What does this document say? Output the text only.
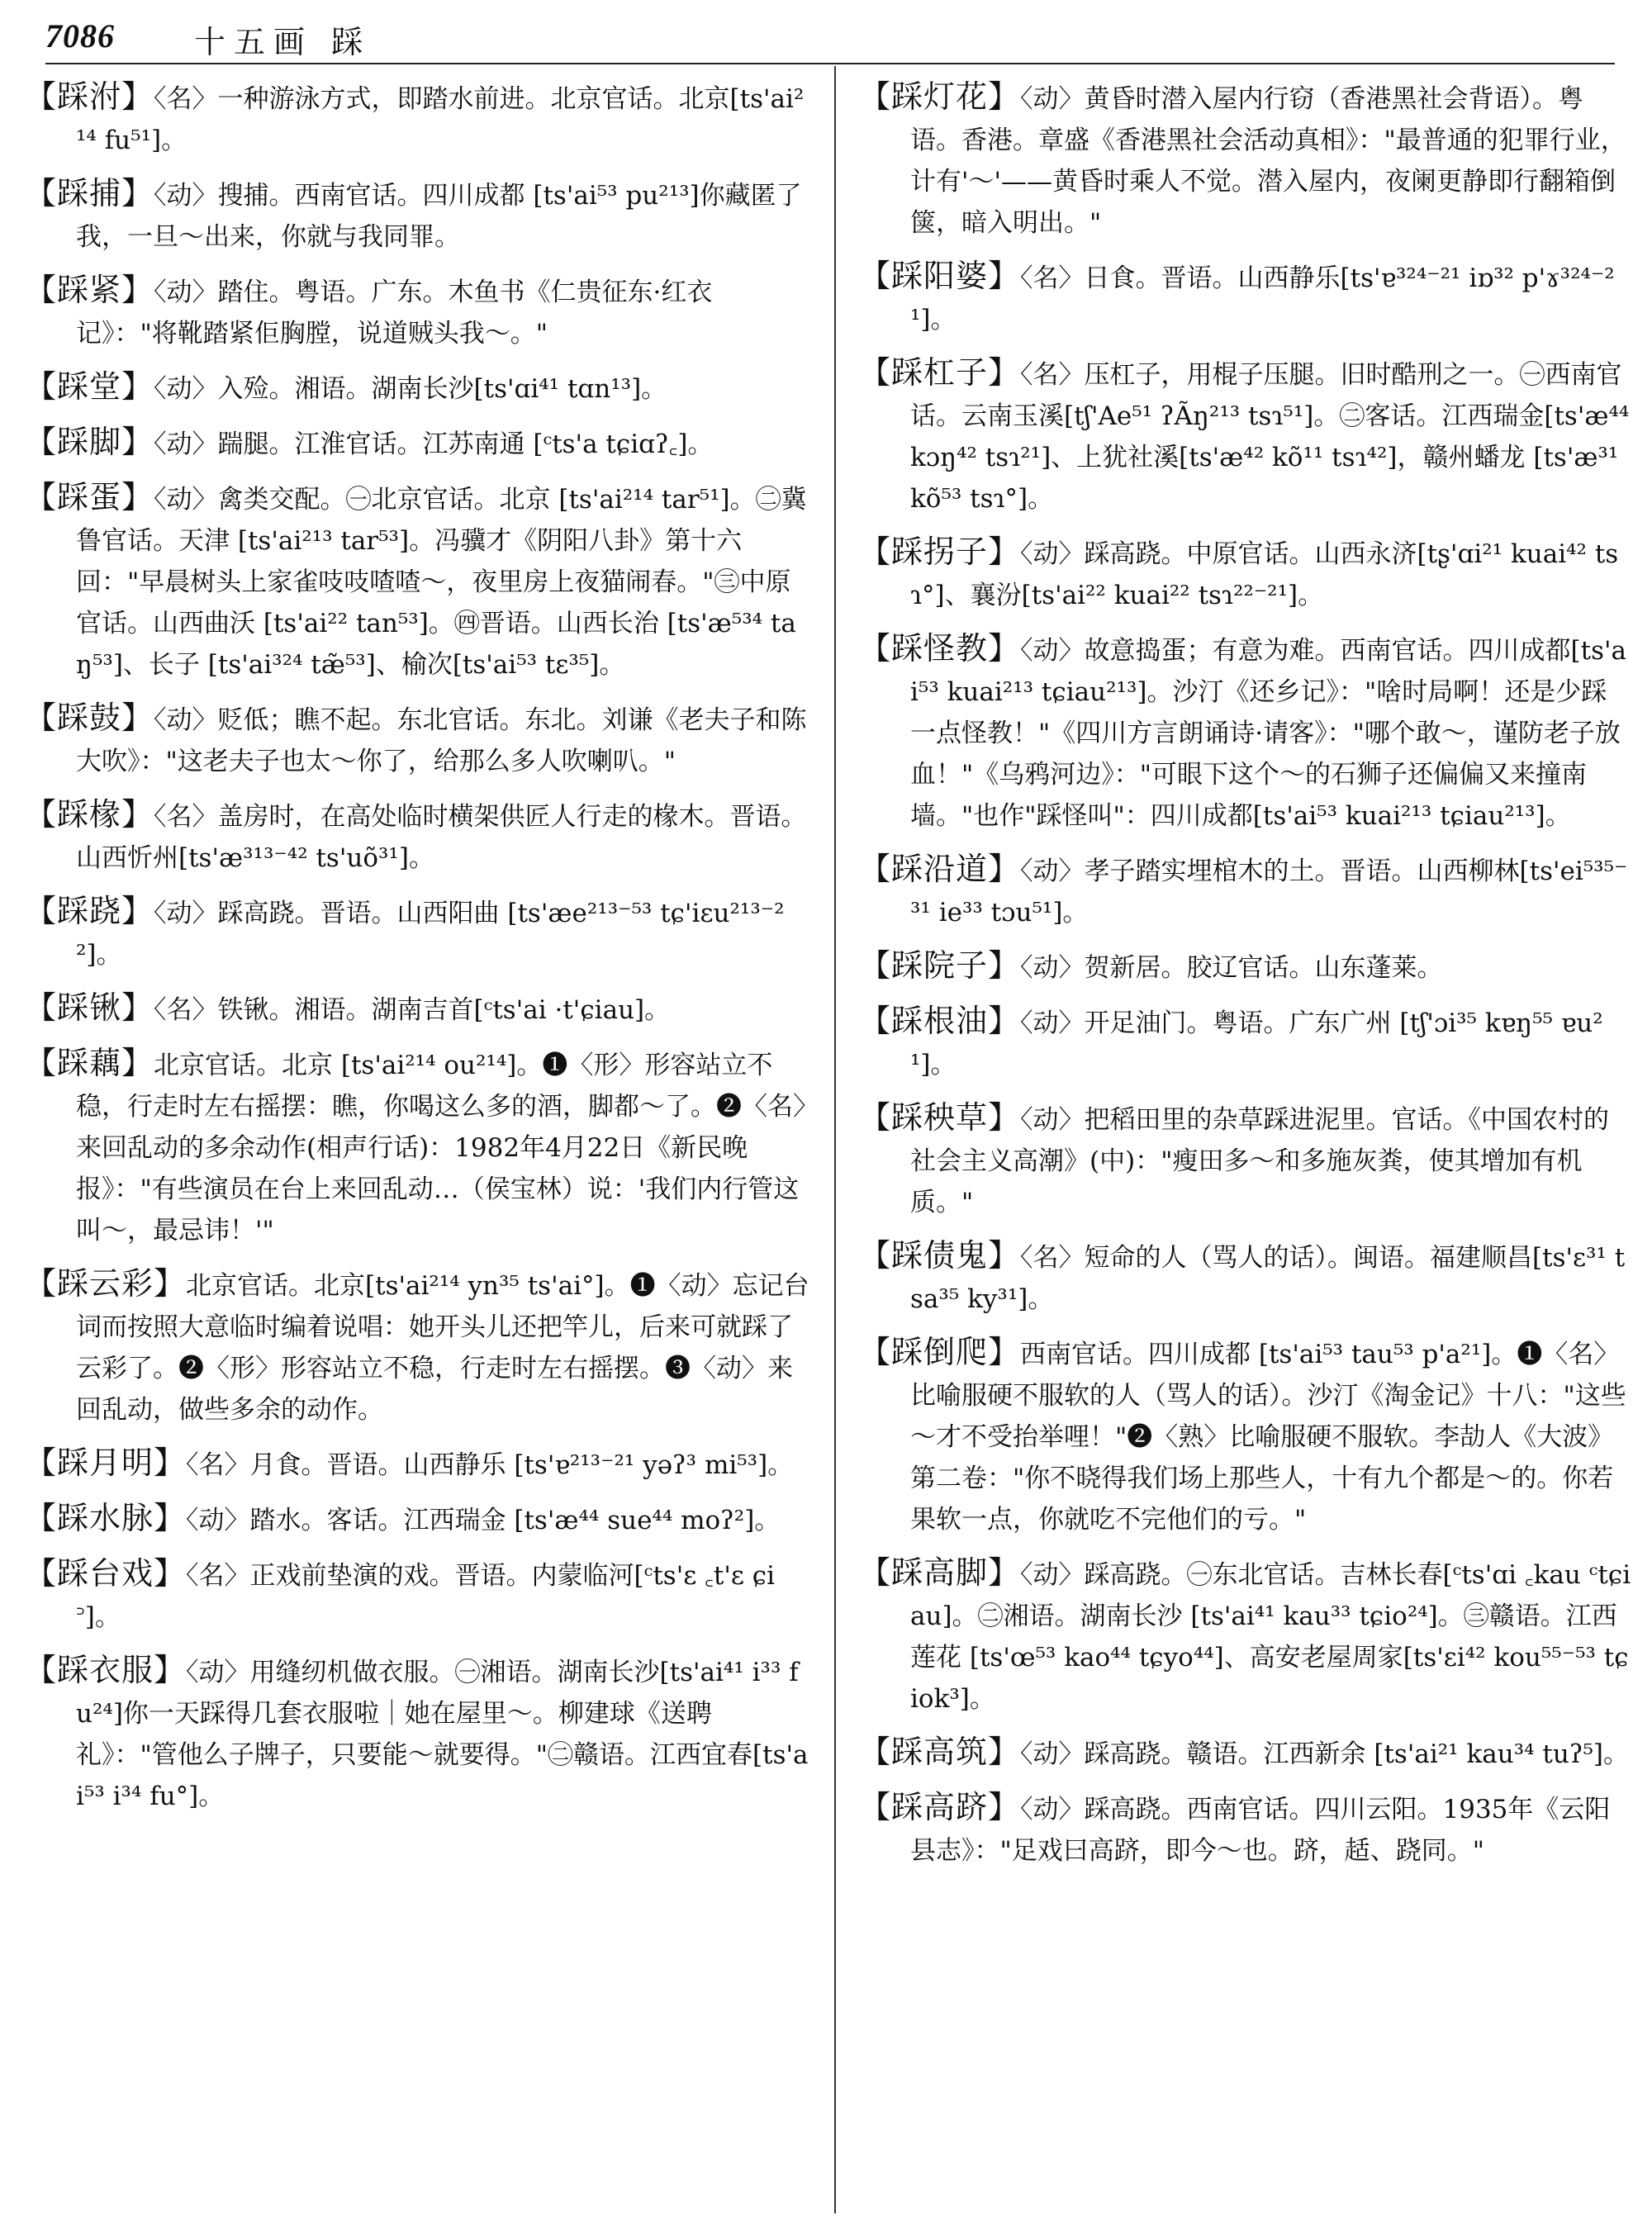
7086	十五画 踩

【踩泭】〈名〉一种游泳方式，即踏水前进。北京官话。北京[ts'ai²¹⁴ fu⁵¹]。

【踩捕】〈动〉搜捕。西南官话。四川成都 [ts'ai⁵³ pu²¹³]你藏匿了我，一旦～出来，你就与我同罪。

【踩紧】〈动〉踏住。粤语。广东。木鱼书《仁贵征东·红衣记》："将靴踏紧佢胸膛，说道贼头我～。"

【踩堂】〈动〉入殓。湘语。湖南长沙[ts'ɑi⁴¹ tɑn¹³]。

【踩脚】〈动〉踹腿。江淮官话。江苏南通 [ᶜts'a tɕiɑʔ꜀]。

【踩蛋】〈动〉禽类交配。㊀北京官话。北京 [ts'ai²¹⁴ tar⁵¹]。㊁冀鲁官话。天津 [ts'ai²¹³ tar⁵³]。冯骥才《阴阳八卦》第十六回："早晨树头上家雀吱吱喳喳～，夜里房上夜猫闹春。"㊂中原官话。山西曲沃 [ts'ai²² tan⁵³]。㊃晋语。山西长治 [ts'æ⁵³⁴ taŋ⁵³]、长子 [ts'ai³²⁴ tæ̃⁵³]、榆次[ts'ai⁵³ tɛ³⁵]。

【踩鼓】〈动〉贬低；瞧不起。东北官话。东北。刘谦《老夫子和陈大吹》："这老夫子也太～你了，给那么多人吹喇叭。"

【踩椽】〈名〉盖房时，在高处临时横架供匠人行走的椽木。晋语。山西忻州[ts'æ³¹³⁻⁴² ts'uõ³¹]。

【踩跷】〈动〉踩高跷。晋语。山西阳曲 [ts'æe²¹³⁻⁵³ tɕ'iɛu²¹³⁻²²]。

【踩锹】〈名〉铁锹。湘语。湖南吉首[ᶜts'ai ·t'ɕiau]。

【踩藕】北京官话。北京 [ts'ai²¹⁴ ou²¹⁴]。❶〈形〉形容站立不稳，行走时左右摇摆：瞧，你喝这么多的酒，脚都～了。❷〈名〉来回乱动的多余动作(相声行话)：1982年4月22日《新民晚报》："有些演员在台上来回乱动…（侯宝林）说：'我们内行管这叫～，最忌讳！'"

【踩云彩】北京官话。北京[ts'ai²¹⁴ yn³⁵ ts'ai°]。❶〈动〉忘记台词而按照大意临时编着说唱：她开头儿还把竿儿，后来可就踩了云彩了。❷〈形〉形容站立不稳，行走时左右摇摆。❸〈动〉来回乱动，做些多余的动作。

【踩月明】〈名〉月食。晋语。山西静乐 [ts'ɐ²¹³⁻²¹ yəʔ³ mi⁵³]。

【踩水脉】〈动〉踏水。客话。江西瑞金 [ts'æ⁴⁴ sue⁴⁴ moʔ²]。

【踩台戏】〈名〉正戏前垫演的戏。晋语。内蒙临河[ᶜts'ɛ ꜀t'ɛ ɕi꜄]。

【踩衣服】〈动〉用缝纫机做衣服。㊀湘语。湖南长沙[ts'ai⁴¹ i³³ fu²⁴]你一天踩得几套衣服啦｜她在屋里～。柳建球《送聘礼》："管他么子牌子，只要能～就要得。"㊁赣语。江西宜春[ts'ai⁵³ i³⁴ fu°]。

【踩灯花】〈动〉黄昏时潜入屋内行窃（香港黑社会背语）。粤语。香港。章盛《香港黑社会活动真相》："最普通的犯罪行业，计有'～'——黄昏时乘人不觉。潜入屋内，夜阑更静即行翻箱倒箧，暗入明出。"

【踩阳婆】〈名〉日食。晋语。山西静乐[ts'ɐ³²⁴⁻²¹ iɒ³² p'ɤ³²⁴⁻²¹]。

【踩杠子】〈名〉压杠子，用棍子压腿。旧时酷刑之一。㊀西南官话。云南玉溪[tʃ'Ae⁵¹ ʔÃŋ²¹³ tsɿ⁵¹]。㊁客话。江西瑞金[ts'æ⁴⁴ kɔŋ⁴² tsɿ²¹]、上犹社溪[ts'æ⁴² kõ¹¹ tsɿ⁴²]，赣州蟠龙 [ts'æ³¹ kõ⁵³ tsɿ°]。

【踩拐子】〈动〉踩高跷。中原官话。山西永济[tʂ'ɑi²¹ kuai⁴² tsɿ°]、襄汾[ts'ai²² kuai²² tsɿ²²⁻²¹]。

【踩怪教】〈动〉故意捣蛋；有意为难。西南官话。四川成都[ts'ai⁵³ kuai²¹³ tɕiau²¹³]。沙汀《还乡记》："啥时局啊！还是少踩一点怪教！"《四川方言朗诵诗·请客》："哪个敢～，谨防老子放血！"《乌鸦河边》："可眼下这个～的石狮子还偏偏又来撞南墙。"也作"踩怪叫"：四川成都[ts'ai⁵³ kuai²¹³ tɕiau²¹³]。

【踩沿道】〈动〉孝子踏实埋棺木的土。晋语。山西柳林[ts'ei⁵³⁵⁻³¹ ie³³ tɔu⁵¹]。

【踩院子】〈动〉贺新居。胶辽官话。山东蓬莱。

【踩根油】〈动〉开足油门。粤语。广东广州 [tʃ'ɔi³⁵ kɐŋ⁵⁵ ɐu²¹]。

【踩秧草】〈动〉把稻田里的杂草踩进泥里。官话。《中国农村的社会主义高潮》(中)："瘦田多～和多施灰粪，使其增加有机质。"

【踩债鬼】〈名〉短命的人（骂人的话）。闽语。福建顺昌[ts'ɛ³¹ tsa³⁵ ky³¹]。

【踩倒爬】西南官话。四川成都 [ts'ai⁵³ tau⁵³ p'a²¹]。❶〈名〉比喻服硬不服软的人（骂人的话）。沙汀《淘金记》十八："这些～才不受抬举哩！"❷〈熟〉比喻服硬不服软。李劼人《大波》第二卷："你不晓得我们场上那些人，十有九个都是～的。你若果软一点，你就吃不完他们的亏。"

【踩高脚】〈动〉踩高跷。㊀东北官话。吉林长春[ᶜts'ɑi ꜀kau ᶜtɕiau]。㊁湘语。湖南长沙 [ts'ai⁴¹ kau³³ tɕio²⁴]。㊂赣语。江西莲花 [ts'œ⁵³ kao⁴⁴ tɕyo⁴⁴]、高安老屋周家[ts'ɛi⁴² kou⁵⁵⁻⁵³ tɕiok³]。

【踩高筑】〈动〉踩高跷。赣语。江西新余 [ts'ai²¹ kau³⁴ tuʔ⁵]。

【踩高跻】〈动〉踩高跷。西南官话。四川云阳。1935年《云阳县志》："足戏曰高跻，即今～也。跻，趏、跷同。"
